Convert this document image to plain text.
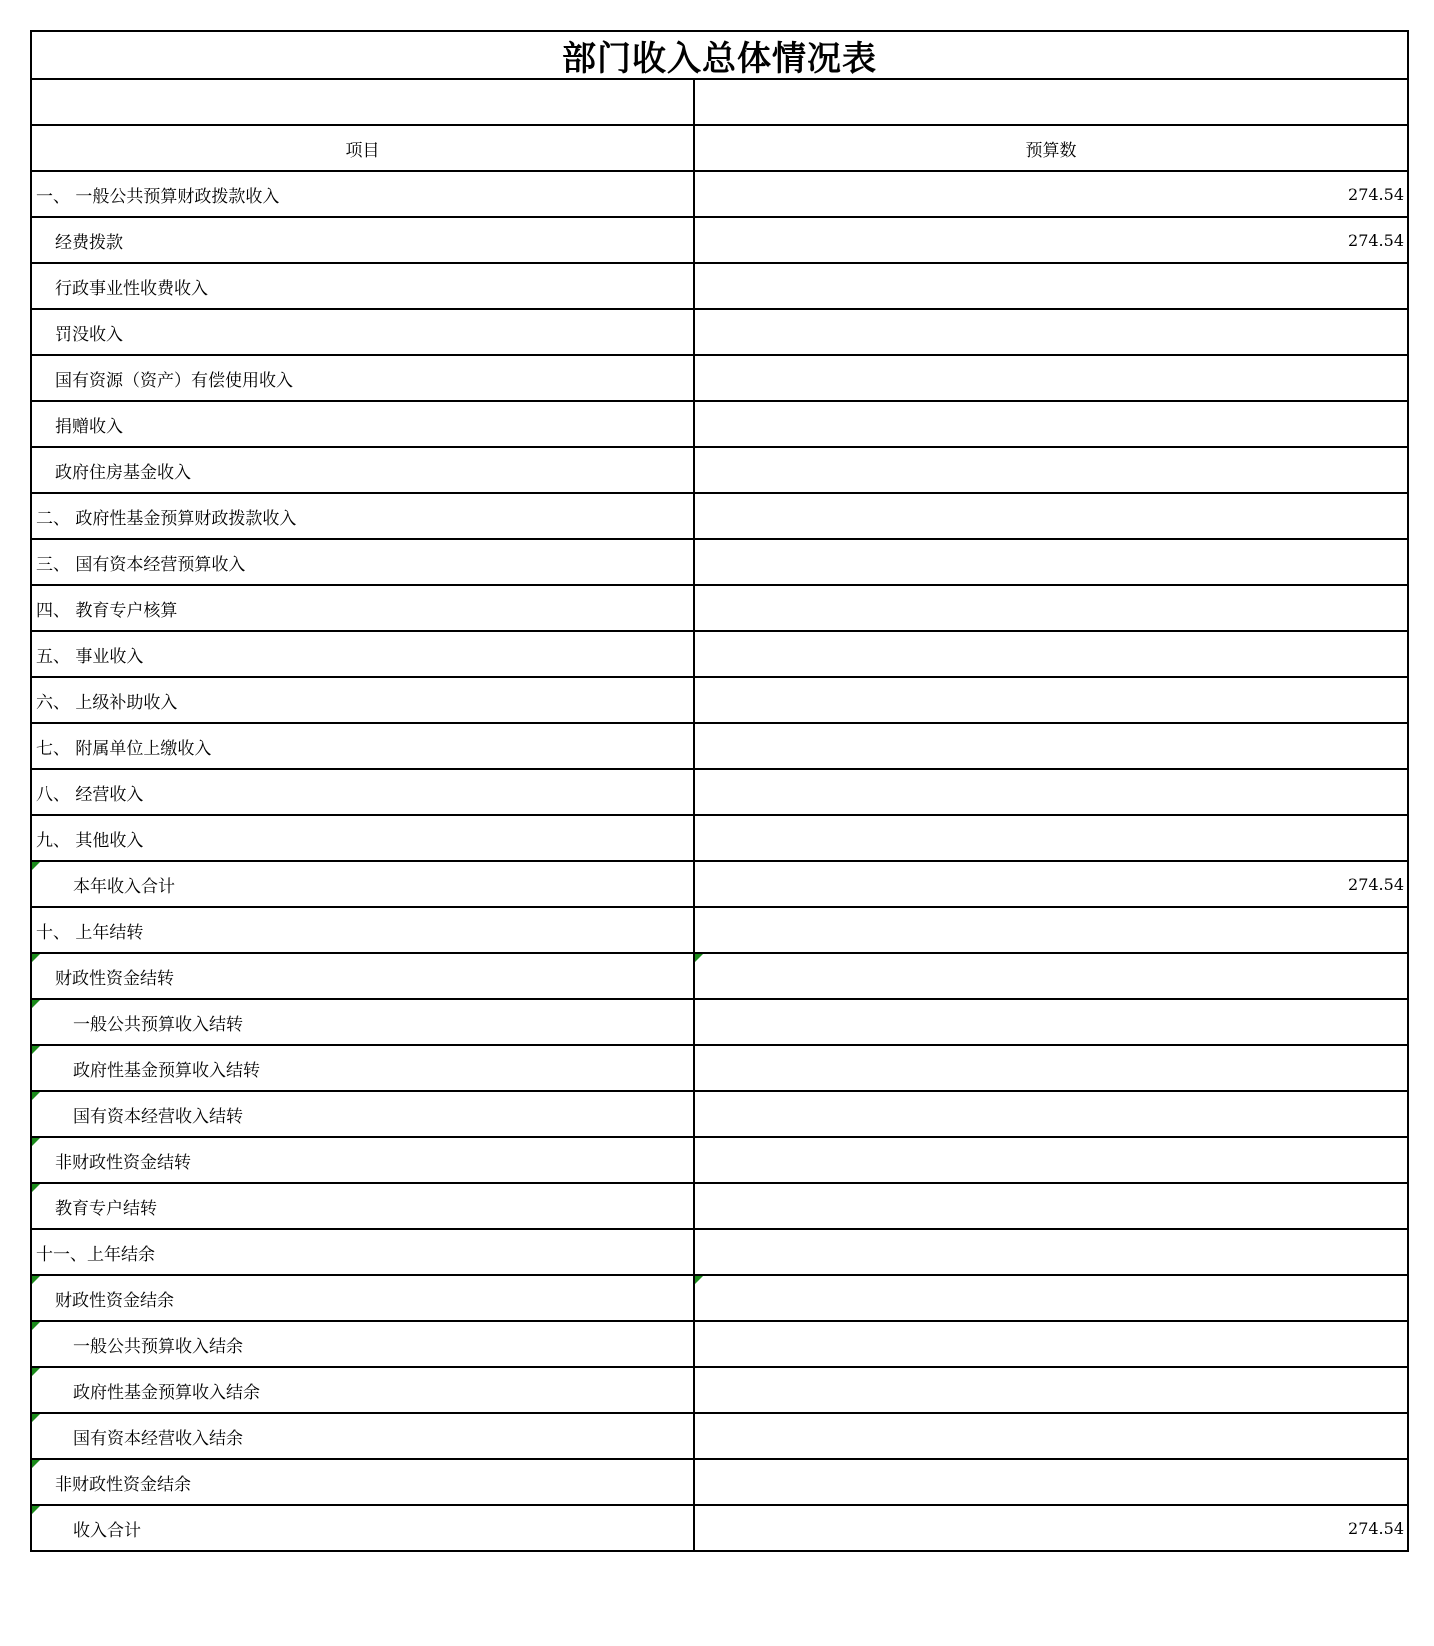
部门收入总体情况表
项目	预算数
一、 一般公共预算财政拨款收入	274.54
经费拨款	274.54
行政事业性收费收入
罚没收入
国有资源（资产）有偿使用收入
捐赠收入
政府住房基金收入
二、 政府性基金预算财政拨款收入
三、 国有资本经营预算收入
四、 教育专户核算
五、 事业收入
六、 上级补助收入
七、 附属单位上缴收入
八、 经营收入
九、 其他收入
本年收入合计	274.54
十、 上年结转
财政性资金结转
一般公共预算收入结转
政府性基金预算收入结转
国有资本经营收入结转
非财政性资金结转
教育专户结转
十一、上年结余
财政性资金结余
一般公共预算收入结余
政府性基金预算收入结余
国有资本经营收入结余
非财政性资金结余
收入合计	274.54
